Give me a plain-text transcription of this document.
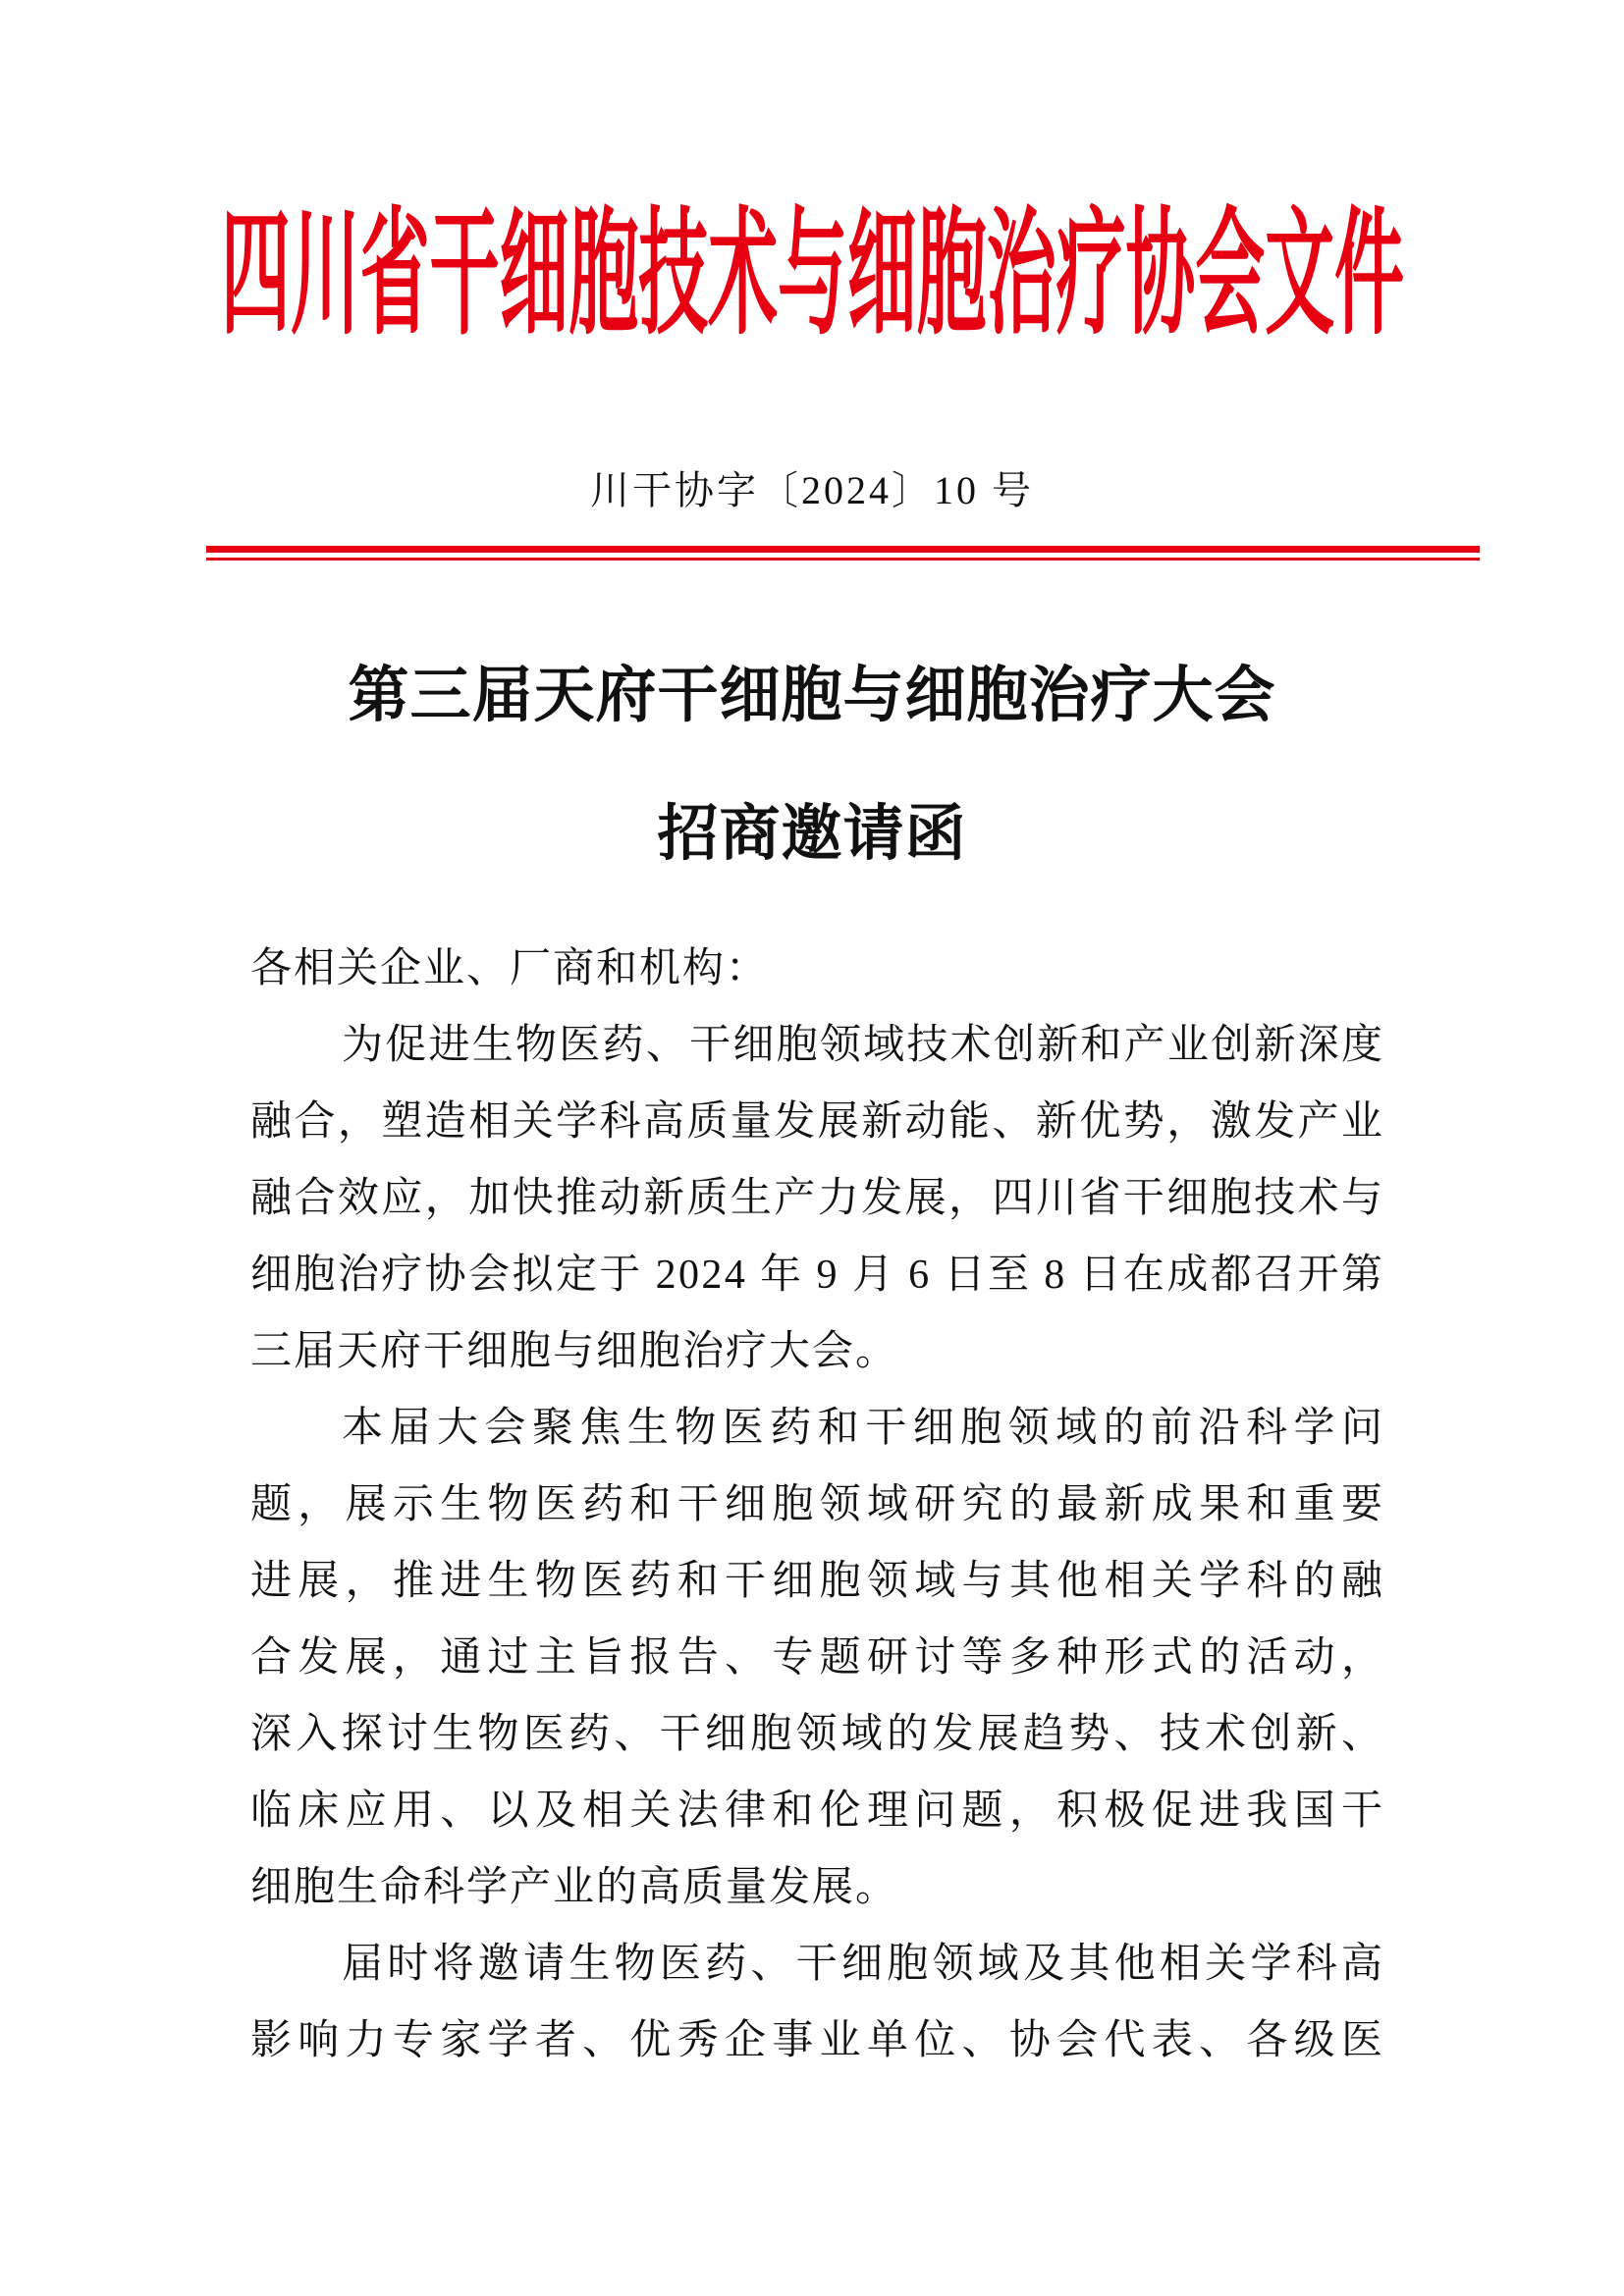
四川省干细胞技术与细胞治疗协会文件
川干协字〔2024〕10 号
第三届天府干细胞与细胞治疗大会
招商邀请函
各相关企业、厂商和机构：
为促进生物医药、干细胞领域技术创新和产业创新深度
融合，塑造相关学科高质量发展新动能、新优势，激发产业
融合效应，加快推动新质生产力发展，四川省干细胞技术与
细胞治疗协会拟定于 2024 年 9 月 6 日至 8 日在成都召开第
三届天府干细胞与细胞治疗大会。
本届大会聚焦生物医药和干细胞领域的前沿科学问
题，展示生物医药和干细胞领域研究的最新成果和重要
进展，推进生物医药和干细胞领域与其他相关学科的融
合发展，通过主旨报告、专题研讨等多种形式的活动，
深入探讨生物医药、干细胞领域的发展趋势、技术创新、
临床应用、以及相关法律和伦理问题，积极促进我国干
细胞生命科学产业的高质量发展。
届时将邀请生物医药、干细胞领域及其他相关学科高
影响力专家学者、优秀企事业单位、协会代表、各级医
